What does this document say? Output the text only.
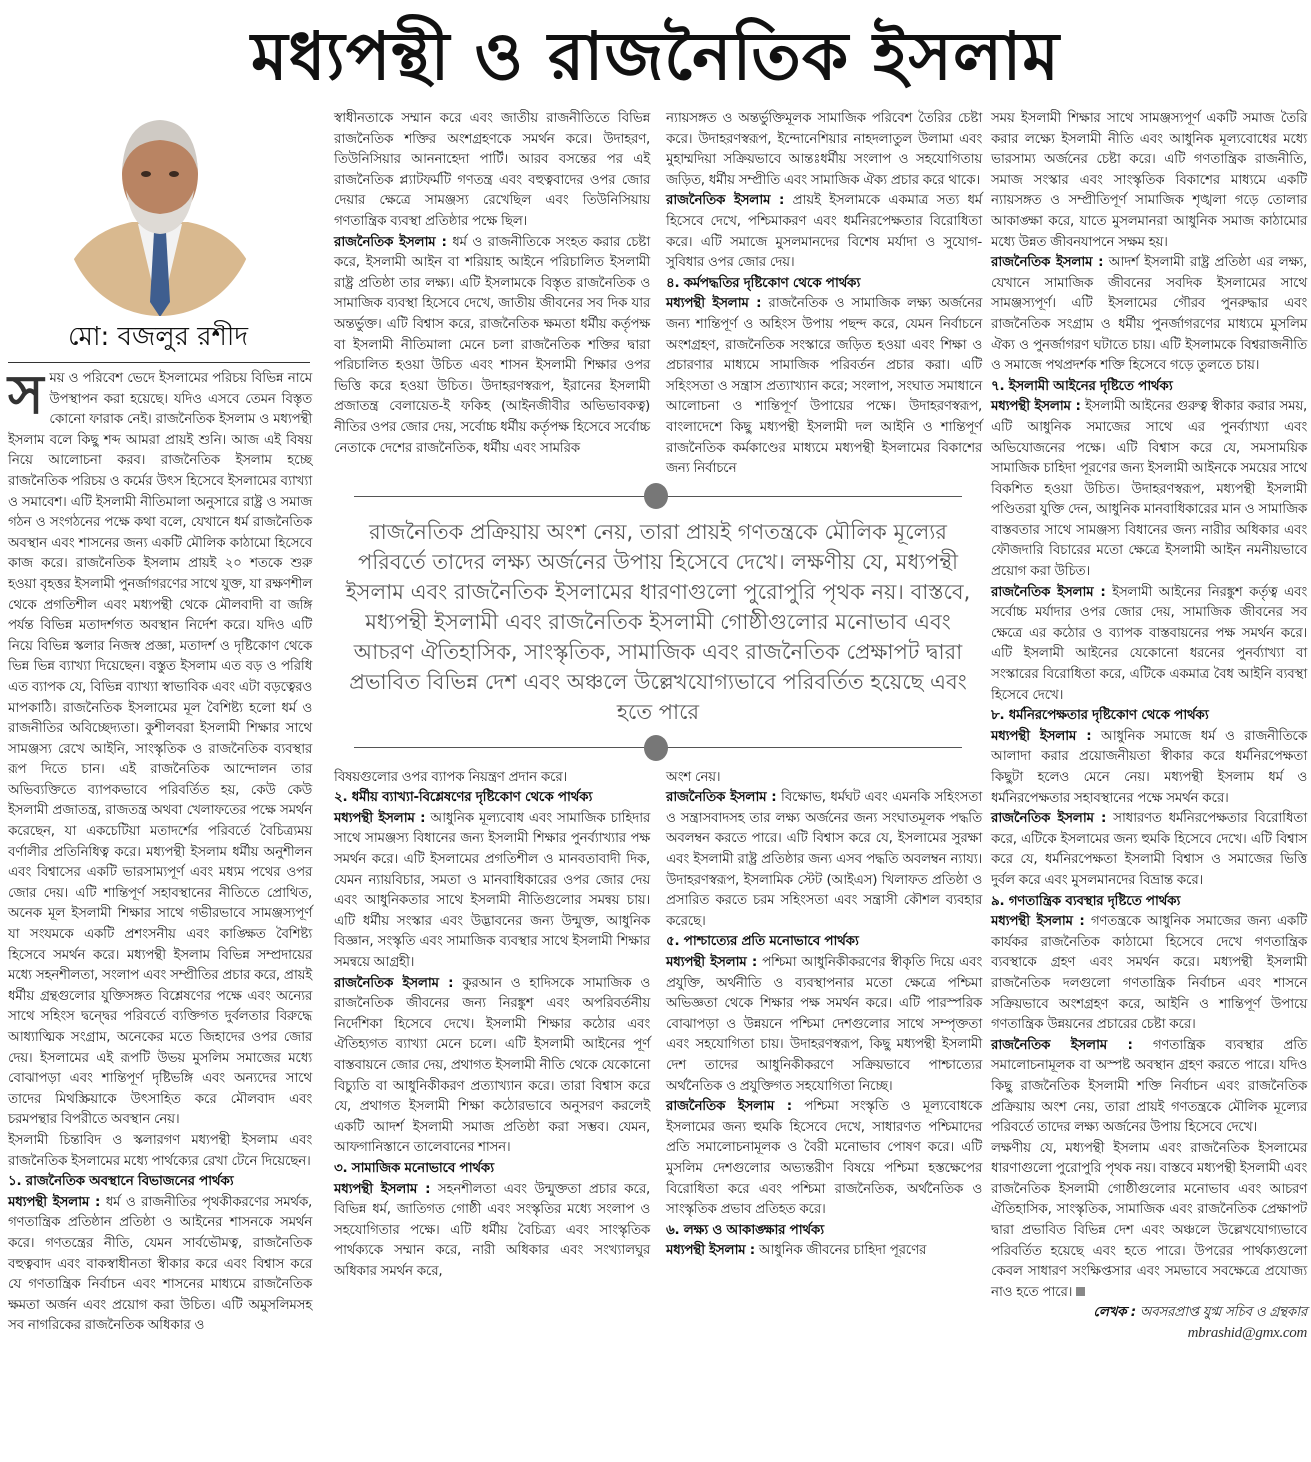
মধ্যপন্থী ও রাজনৈতিক ইসলাম
মো: বজলুর রশীদ

সময় ও পরিবেশ ভেদে ইসলামের পরিচয় বিভিন্ন নামে উপস্থাপন করা হয়েছে। যদিও এসবে তেমন বিস্তৃত কোনো ফারাক নেই। রাজনৈতিক ইসলাম ও মধ্যপন্থী ইসলাম বলে কিছু শব্দ আমরা প্রায়ই শুনি। আজ এই বিষয় নিয়ে আলোচনা করব। রাজনৈতিক ইসলাম হচ্ছে রাজনৈতিক পরিচয় ও কর্মের উৎস হিসেবে ইসলামের ব্যাখ্যা ও সমাবেশ। এটি ইসলামী নীতিমালা অনুসারে রাষ্ট্র ও সমাজ গঠন ও সংগঠনের পক্ষে কথা বলে, যেখানে ধর্ম রাজনৈতিক অবস্থান এবং শাসনের জন্য একটি মৌলিক কাঠামো হিসেবে কাজ করে। রাজনৈতিক ইসলাম প্রায়ই ২০ শতকে শুরু হওয়া বৃহত্তর ইসলামী পুনর্জাগরণের সাথে যুক্ত, যা রক্ষণশীল থেকে প্রগতিশীল এবং মধ্যপন্থী থেকে মৌলবাদী বা জঙ্গি পর্যন্ত বিভিন্ন মতাদর্শগত অবস্থান নির্দেশ করে। যদিও এটি নিয়ে বিভিন্ন স্কলার নিজস্ব প্রজ্ঞা, মতাদর্শ ও দৃষ্টিকোণ থেকে ভিন্ন ভিন্ন ব্যাখ্যা দিয়েছেন। বস্তুত ইসলাম এত বড় ও পরিধি এত ব্যাপক যে, বিভিন্ন ব্যাখ্যা স্বাভাবিক এবং এটা বড়ত্বেরও মাপকাঠি। রাজনৈতিক ইসলামের মূল বৈশিষ্ট্য হলো ধর্ম ও রাজনীতির অবিচ্ছেদ্যতা। কুশীলবরা ইসলামী শিক্ষার সাথে সামঞ্জস্য রেখে আইনি, সাংস্কৃতিক ও রাজনৈতিক ব্যবস্থার রূপ দিতে চান। এই রাজনৈতিক আন্দোলন তার অভিব্যক্তিতে ব্যাপকভাবে পরিবর্তিত হয়, কেউ কেউ ইসলামী প্রজাতন্ত্র, রাজতন্ত্র অথবা খেলাফতের পক্ষে সমর্থন করেছেন, যা একচেটিয়া মতাদর্শের পরিবর্তে বৈচিত্র্যময় বর্ণালীর প্রতিনিধিত্ব করে। মধ্যপন্থী ইসলাম ধর্মীয় অনুশীলন এবং বিশ্বাসের একটি ভারসাম্যপূর্ণ এবং মধ্যম পথের ওপর জোর দেয়। এটি শান্তিপূর্ণ সহাবস্থানের নীতিতে প্রোথিত, অনেক মূল ইসলামী শিক্ষার সাথে গভীরভাবে সামঞ্জস্যপূর্ণ যা সংযমকে একটি প্রশংসনীয় এবং কাঙ্ক্ষিত বৈশিষ্ট্য হিসেবে সমর্থন করে। মধ্যপন্থী ইসলাম বিভিন্ন সম্প্রদায়ের মধ্যে সহনশীলতা, সংলাপ এবং সম্প্রীতির প্রচার করে, প্রায়ই ধর্মীয় গ্রন্থগুলোর যুক্তিসঙ্গত বিশ্লেষণের পক্ষে এবং অন্যের সাথে সহিংস দ্বন্দ্বের পরিবর্তে ব্যক্তিগত দুর্বলতার বিরুদ্ধে আধ্যাত্মিক সংগ্রাম, অনেকের মতে জিহাদের ওপর জোর দেয়। ইসলামের এই রূপটি উভয় মুসলিম সমাজের মধ্যে বোঝাপড়া এবং শান্তিপূর্ণ দৃষ্টিভঙ্গি এবং অন্যদের সাথে তাদের মিথস্ক্রিয়াকে উৎসাহিত করে মৌলবাদ এবং চরমপন্থার বিপরীতে অবস্থান নেয়।

ইসলামী চিন্তাবিদ ও স্কলারগণ মধ্যপন্থী ইসলাম এবং রাজনৈতিক ইসলামের মধ্যে পার্থক্যের রেখা টেনে দিয়েছেন।

১. রাজনৈতিক অবস্থানে বিভাজনের পার্থক্য

মধ্যপন্থী ইসলাম : ধর্ম ও রাজনীতির পৃথকীকরণের সমর্থক, গণতান্ত্রিক প্রতিষ্ঠান প্রতিষ্ঠা ও আইনের শাসনকে সমর্থন করে। গণতন্ত্রের নীতি, যেমন সার্বভৌমত্ব, রাজনৈতিক বহুত্ববাদ এবং বাকস্বাধীনতা স্বীকার করে এবং বিশ্বাস করে যে গণতান্ত্রিক নির্বাচন এবং শাসনের মাধ্যমে রাজনৈতিক ক্ষমতা অর্জন এবং প্রয়োগ করা উচিত। এটি অমুসলিমসহ সব নাগরিকের রাজনৈতিক অধিকার ও

স্বাধীনতাকে সম্মান করে এবং জাতীয় রাজনীতিতে বিভিন্ন রাজনৈতিক শক্তির অংশগ্রহণকে সমর্থন করে। উদাহরণ, তিউনিসিয়ার আননাহেদা পার্টি। আরব বসন্তের পর এই রাজনৈতিক প্ল্যাটফর্মটি গণতন্ত্র এবং বহুত্ববাদের ওপর জোর দেয়ার ক্ষেত্রে সামঞ্জস্য রেখেছিল এবং তিউনিসিয়ায় গণতান্ত্রিক ব্যবস্থা প্রতিষ্ঠার পক্ষে ছিল।

রাজনৈতিক ইসলাম : ধর্ম ও রাজনীতিকে সংহত করার চেষ্টা করে, ইসলামী আইন বা শরিয়াহ আইনে পরিচালিত ইসলামী রাষ্ট্র প্রতিষ্ঠা তার লক্ষ্য। এটি ইসলামকে বিস্তৃত রাজনৈতিক ও সামাজিক ব্যবস্থা হিসেবে দেখে, জাতীয় জীবনের সব দিক যার অন্তর্ভুক্ত। এটি বিশ্বাস করে, রাজনৈতিক ক্ষমতা ধর্মীয় কর্তৃপক্ষ বা ইসলামী নীতিমালা মেনে চলা রাজনৈতিক শক্তির দ্বারা পরিচালিত হওয়া উচিত এবং শাসন ইসলামী শিক্ষার ওপর ভিত্তি করে হওয়া উচিত। উদাহরণস্বরূপ, ইরানের ইসলামী প্রজাতন্ত্র বেলায়েত-ই ফকিহ (আইনজীবীর অভিভাবকত্ব) নীতির ওপর জোর দেয়, সর্বোচ্চ ধর্মীয় কর্তৃপক্ষ হিসেবে সর্বোচ্চ নেতাকে দেশের রাজনৈতিক, ধর্মীয় এবং সামরিক

ন্যায়সঙ্গত ও অন্তর্ভুক্তিমূলক সামাজিক পরিবেশ তৈরির চেষ্টা করে। উদাহরণস্বরূপ, ইন্দোনেশিয়ার নাহদলাতুল উলামা এবং মুহাম্মদিয়া সক্রিয়ভাবে আন্তঃধর্মীয় সংলাপ ও সহযোগিতায় জড়িত, ধর্মীয় সম্প্রীতি এবং সামাজিক ঐক্য প্রচার করে থাকে।

রাজনৈতিক ইসলাম : প্রায়ই ইসলামকে একমাত্র সত্য ধর্ম হিসেবে দেখে, পশ্চিমাকরণ এবং ধর্মনিরপেক্ষতার বিরোধিতা করে। এটি সমাজে মুসলমানদের বিশেষ মর্যাদা ও সুযোগ-সুবিধার ওপর জোর দেয়।

৪. কর্মপদ্ধতির দৃষ্টিকোণ থেকে পার্থক্য

মধ্যপন্থী ইসলাম : রাজনৈতিক ও সামাজিক লক্ষ্য অর্জনের জন্য শান্তিপূর্ণ ও অহিংস উপায় পছন্দ করে, যেমন নির্বাচনে অংশগ্রহণ, রাজনৈতিক সংস্কারে জড়িত হওয়া এবং শিক্ষা ও প্রচারণার মাধ্যমে সামাজিক পরিবর্তন প্রচার করা। এটি সহিংসতা ও সন্ত্রাস প্রত্যাখ্যান করে; সংলাপ, সংঘাত সমাধানে আলোচনা ও শান্তিপূর্ণ উপায়ের পক্ষে। উদাহরণস্বরূপ, বাংলাদেশে কিছু মধ্যপন্থী ইসলামী দল আইনি ও শান্তিপূর্ণ রাজনৈতিক কর্মকাণ্ডের মাধ্যমে মধ্যপন্থী ইসলামের বিকাশের জন্য নির্বাচনে

রাজনৈতিক প্রক্রিয়ায় অংশ নেয়, তারা প্রায়ই গণতন্ত্রকে মৌলিক মূল্যের পরিবর্তে তাদের লক্ষ্য অর্জনের উপায় হিসেবে দেখে। লক্ষণীয় যে, মধ্যপন্থী ইসলাম এবং রাজনৈতিক ইসলামের ধারণাগুলো পুরোপুরি পৃথক নয়। বাস্তবে, মধ্যপন্থী ইসলামী এবং রাজনৈতিক ইসলামী গোষ্ঠীগুলোর মনোভাব এবং আচরণ ঐতিহাসিক, সাংস্কৃতিক, সামাজিক এবং রাজনৈতিক প্রেক্ষাপট দ্বারা প্রভাবিত বিভিন্ন দেশ এবং অঞ্চলে উল্লেখযোগ্যভাবে পরিবর্তিত হয়েছে এবং হতে পারে

বিষয়গুলোর ওপর ব্যাপক নিয়ন্ত্রণ প্রদান করে।

২. ধর্মীয় ব্যাখ্যা-বিশ্লেষণের দৃষ্টিকোণ থেকে পার্থক্য

মধ্যপন্থী ইসলাম : আধুনিক মূল্যবোধ এবং সামাজিক চাহিদার সাথে সামঞ্জস্য বিধানের জন্য ইসলামী শিক্ষার পুনর্ব্যাখ্যার পক্ষ সমর্থন করে। এটি ইসলামের প্রগতিশীল ও মানবতাবাদী দিক, যেমন ন্যায়বিচার, সমতা ও মানবাধিকারের ওপর জোর দেয় এবং আধুনিকতার সাথে ইসলামী নীতিগুলোর সমন্বয় চায়। এটি ধর্মীয় সংস্কার এবং উদ্ভাবনের জন্য উন্মুক্ত, আধুনিক বিজ্ঞান, সংস্কৃতি এবং সামাজিক ব্যবস্থার সাথে ইসলামী শিক্ষার সমন্বয়ে আগ্রহী।

রাজনৈতিক ইসলাম : কুরআন ও হাদিসকে সামাজিক ও রাজনৈতিক জীবনের জন্য নিরঙ্কুশ এবং অপরিবর্তনীয় নির্দেশিকা হিসেবে দেখে। ইসলামী শিক্ষার কঠোর এবং ঐতিহ্যগত ব্যাখ্যা মেনে চলে। এটি ইসলামী আইনের পূর্ণ বাস্তবায়নে জোর দেয়, প্রথাগত ইসলামী নীতি থেকে যেকোনো বিচ্যুতি বা আধুনিকীকরণ প্রত্যাখ্যান করে। তারা বিশ্বাস করে যে, প্রথাগত ইসলামী শিক্ষা কঠোরভাবে অনুসরণ করলেই একটি আদর্শ ইসলামী সমাজ প্রতিষ্ঠা করা সম্ভব। যেমন, আফগানিস্তানে তালেবানের শাসন।

৩. সামাজিক মনোভাবে পার্থক্য

মধ্যপন্থী ইসলাম : সহনশীলতা এবং উন্মুক্ততা প্রচার করে, বিভিন্ন ধর্ম, জাতিগত গোষ্ঠী এবং সংস্কৃতির মধ্যে সংলাপ ও সহযোগিতার পক্ষে। এটি ধর্মীয় বৈচিত্র্য এবং সাংস্কৃতিক পার্থক্যকে সম্মান করে, নারী অধিকার এবং সংখ্যালঘুর অধিকার সমর্থন করে,

অংশ নেয়।

রাজনৈতিক ইসলাম : বিক্ষোভ, ধর্মঘট এবং এমনকি সহিংসতা ও সন্ত্রাসবাদসহ তার লক্ষ্য অর্জনের জন্য সংঘাতমূলক পদ্ধতি অবলম্বন করতে পারে। এটি বিশ্বাস করে যে, ইসলামের সুরক্ষা এবং ইসলামী রাষ্ট্র প্রতিষ্ঠার জন্য এসব পদ্ধতি অবলম্বন ন্যায্য। উদাহরণস্বরূপ, ইসলামিক স্টেট (আইএস) খিলাফত প্রতিষ্ঠা ও প্রসারিত করতে চরম সহিংসতা এবং সন্ত্রাসী কৌশল ব্যবহার করেছে।

৫. পাশ্চাত্যের প্রতি মনোভাবে পার্থক্য

মধ্যপন্থী ইসলাম : পশ্চিমা আধুনিকীকরণের স্বীকৃতি দিয়ে এবং প্রযুক্তি, অর্থনীতি ও ব্যবস্থাপনার মতো ক্ষেত্রে পশ্চিমা অভিজ্ঞতা থেকে শিক্ষার পক্ষ সমর্থন করে। এটি পারস্পরিক বোঝাপড়া ও উন্নয়নে পশ্চিমা দেশগুলোর সাথে সম্পৃক্ততা এবং সহযোগিতা চায়। উদাহরণস্বরূপ, কিছু মধ্যপন্থী ইসলামী দেশ তাদের আধুনিকীকরণে সক্রিয়ভাবে পাশ্চাত্যের অর্থনৈতিক ও প্রযুক্তিগত সহযোগিতা নিচ্ছে।

রাজনৈতিক ইসলাম : পশ্চিমা সংস্কৃতি ও মূল্যবোধকে ইসলামের জন্য হুমকি হিসেবে দেখে, সাধারণত পশ্চিমাদের প্রতি সমালোচনামূলক ও বৈরী মনোভাব পোষণ করে। এটি মুসলিম দেশগুলোর অভ্যন্তরীণ বিষয়ে পশ্চিমা হস্তক্ষেপের বিরোধিতা করে এবং পশ্চিমা রাজনৈতিক, অর্থনৈতিক ও সাংস্কৃতিক প্রভাব প্রতিহত করে।

৬. লক্ষ্য ও আকাঙ্ক্ষার পার্থক্য

মধ্যপন্থী ইসলাম : আধুনিক জীবনের চাহিদা পূরণের

সময় ইসলামী শিক্ষার সাথে সামঞ্জস্যপূর্ণ একটি সমাজ তৈরি করার লক্ষ্যে ইসলামী নীতি এবং আধুনিক মূল্যবোধের মধ্যে ভারসাম্য অর্জনের চেষ্টা করে। এটি গণতান্ত্রিক রাজনীতি, সমাজ সংস্কার এবং সাংস্কৃতিক বিকাশের মাধ্যমে একটি ন্যায়সঙ্গত ও সম্প্রীতিপূর্ণ সামাজিক শৃঙ্খলা গড়ে তোলার আকাঙ্ক্ষা করে, যাতে মুসলমানরা আধুনিক সমাজ কাঠামোর মধ্যে উন্নত জীবনযাপনে সক্ষম হয়।

রাজনৈতিক ইসলাম : আদর্শ ইসলামী রাষ্ট্র প্রতিষ্ঠা এর লক্ষ্য, যেখানে সামাজিক জীবনের সবদিক ইসলামের সাথে সামঞ্জস্যপূর্ণ। এটি ইসলামের গৌরব পুনরুদ্ধার এবং রাজনৈতিক সংগ্রাম ও ধর্মীয় পুনর্জাগরণের মাধ্যমে মুসলিম ঐক্য ও পুনর্জাগরণ ঘটাতে চায়। এটি ইসলামকে বিশ্বরাজনীতি ও সমাজে পথপ্রদর্শক শক্তি হিসেবে গড়ে তুলতে চায়।

৭. ইসলামী আইনের দৃষ্টিতে পার্থক্য

মধ্যপন্থী ইসলাম : ইসলামী আইনের গুরুত্ব স্বীকার করার সময়, এটি আধুনিক সমাজের সাথে এর পুনর্ব্যাখ্যা এবং অভিযোজনের পক্ষে। এটি বিশ্বাস করে যে, সমসাময়িক সামাজিক চাহিদা পূরণের জন্য ইসলামী আইনকে সময়ের সাথে বিকশিত হওয়া উচিত। উদাহরণস্বরূপ, মধ্যপন্থী ইসলামী পণ্ডিতরা যুক্তি দেন, আধুনিক মানবাধিকারের মান ও সামাজিক বাস্তবতার সাথে সামঞ্জস্য বিধানের জন্য নারীর অধিকার এবং ফৌজদারি বিচারের মতো ক্ষেত্রে ইসলামী আইন নমনীয়ভাবে প্রয়োগ করা উচিত।

রাজনৈতিক ইসলাম : ইসলামী আইনের নিরঙ্কুশ কর্তৃত্ব এবং সর্বোচ্চ মর্যাদার ওপর জোর দেয়, সামাজিক জীবনের সব ক্ষেত্রে এর কঠোর ও ব্যাপক বাস্তবায়নের পক্ষ সমর্থন করে। এটি ইসলামী আইনের যেকোনো ধরনের পুনর্ব্যাখ্যা বা সংস্কারের বিরোধিতা করে, এটিকে একমাত্র বৈধ আইনি ব্যবস্থা হিসেবে দেখে।

৮. ধর্মনিরপেক্ষতার দৃষ্টিকোণ থেকে পার্থক্য

মধ্যপন্থী ইসলাম : আধুনিক সমাজে ধর্ম ও রাজনীতিকে আলাদা করার প্রয়োজনীয়তা স্বীকার করে ধর্মনিরপেক্ষতা কিছুটা হলেও মেনে নেয়। মধ্যপন্থী ইসলাম ধর্ম ও ধর্মনিরপেক্ষতার সহাবস্থানের পক্ষে সমর্থন করে।

রাজনৈতিক ইসলাম : সাধারণত ধর্মনিরপেক্ষতার বিরোধিতা করে, এটিকে ইসলামের জন্য হুমকি হিসেবে দেখে। এটি বিশ্বাস করে যে, ধর্মনিরপেক্ষতা ইসলামী বিশ্বাস ও সমাজের ভিত্তি দুর্বল করে এবং মুসলমানদের বিভ্রান্ত করে।

৯. গণতান্ত্রিক ব্যবস্থার দৃষ্টিতে পার্থক্য

মধ্যপন্থী ইসলাম : গণতন্ত্রকে আধুনিক সমাজের জন্য একটি কার্যকর রাজনৈতিক কাঠামো হিসেবে দেখে গণতান্ত্রিক ব্যবস্থাকে গ্রহণ এবং সমর্থন করে। মধ্যপন্থী ইসলামী রাজনৈতিক দলগুলো গণতান্ত্রিক নির্বাচন এবং শাসনে সক্রিয়ভাবে অংশগ্রহণ করে, আইনি ও শান্তিপূর্ণ উপায়ে গণতান্ত্রিক উন্নয়নের প্রচারের চেষ্টা করে।

রাজনৈতিক ইসলাম : গণতান্ত্রিক ব্যবস্থার প্রতি সমালোচনামূলক বা অস্পষ্ট অবস্থান গ্রহণ করতে পারে। যদিও কিছু রাজনৈতিক ইসলামী শক্তি নির্বাচন এবং রাজনৈতিক প্রক্রিয়ায় অংশ নেয়, তারা প্রায়ই গণতন্ত্রকে মৌলিক মূল্যের পরিবর্তে তাদের লক্ষ্য অর্জনের উপায় হিসেবে দেখে।

লক্ষণীয় যে, মধ্যপন্থী ইসলাম এবং রাজনৈতিক ইসলামের ধারণাগুলো পুরোপুরি পৃথক নয়। বাস্তবে মধ্যপন্থী ইসলামী এবং রাজনৈতিক ইসলামী গোষ্ঠীগুলোর মনোভাব এবং আচরণ ঐতিহাসিক, সাংস্কৃতিক, সামাজিক এবং রাজনৈতিক প্রেক্ষাপট দ্বারা প্রভাবিত বিভিন্ন দেশ এবং অঞ্চলে উল্লেখযোগ্যভাবে পরিবর্তিত হয়েছে এবং হতে পারে। উপরের পার্থক্যগুলো কেবল সাধারণ সংক্ষিপ্তসার এবং সমভাবে সবক্ষেত্রে প্রযোজ্য নাও হতে পারে।

লেখক : অবসরপ্রাপ্ত যুগ্ম সচিব ও গ্রন্থকার

mbrashid@gmx.com
